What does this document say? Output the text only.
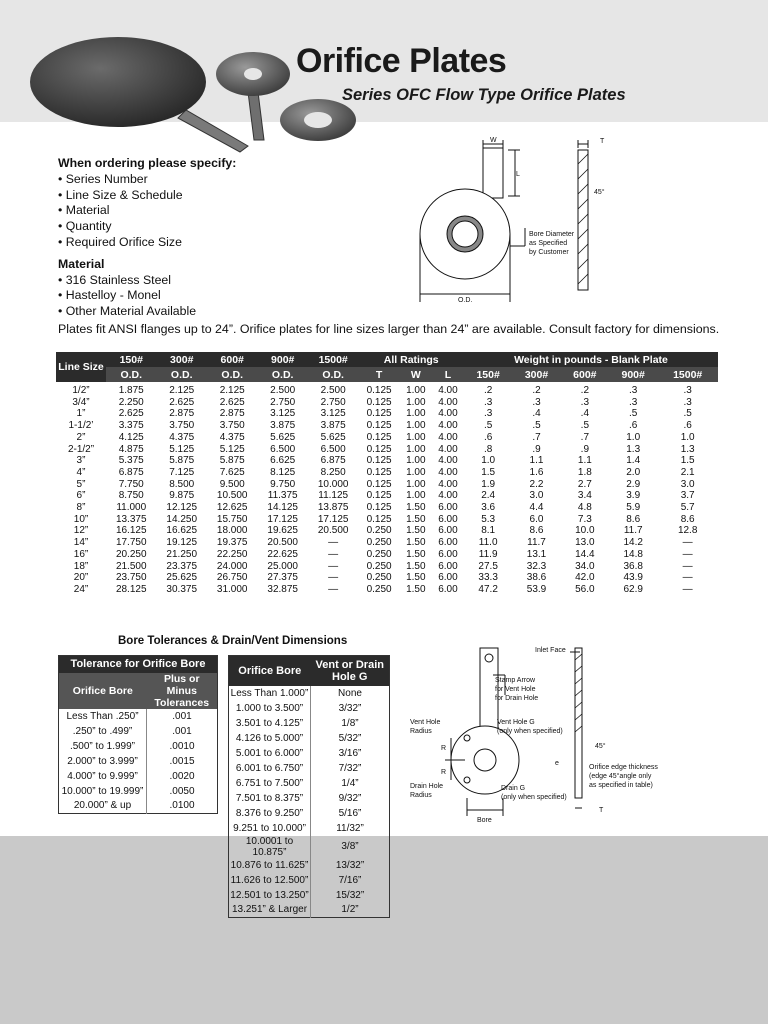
Orifice Plates
Series OFC Flow Type Orifice Plates
When ordering please specify:
• Series Number
• Line Size & Schedule
• Material
• Quantity
• Required Orifice Size
Material
• 316 Stainless Steel
• Hastelloy - Monel
• Other Material Available
W	T
L
45°
Bore Diameter
as Specified
by Customer
O.D.
Plates fit ANSI flanges up to 24”. Orifice plates for line sizes larger than 24” are available. Consult factory for dimensions.
Line Size	150#	300#	600#	900#	1500#	All Ratings			Weight in pounds - Blank Plate				
	O.D.	O.D.	O.D.	O.D.	O.D.	T	W	L	150#	300#	600#	900#	1500#
1/2”	1.875	2.125	2.125	2.500	2.500	0.125	1.00	4.00	.2	.2	.2	.3	.3
3/4”	2.250	2.625	2.625	2.750	2.750	0.125	1.00	4.00	.3	.3	.3	.3	.3
1”	2.625	2.875	2.875	3.125	3.125	0.125	1.00	4.00	.3	.4	.4	.5	.5
1-1/2’	3.375	3.750	3.750	3.875	3.875	0.125	1.00	4.00	.5	.5	.5	.6	.6
2”	4.125	4.375	4.375	5.625	5.625	0.125	1.00	4.00	.6	.7	.7	1.0	1.0
2-1/2”	4.875	5.125	5.125	6.500	6.500	0.125	1.00	4.00	.8	.9	.9	1.3	1.3
3”	5.375	5.875	5.875	6.625	6.875	0.125	1.00	4.00	1.0	1.1	1.1	1.4	1.5
4”	6.875	7.125	7.625	8.125	8.250	0.125	1.00	4.00	1.5	1.6	1.8	2.0	2.1
5”	7.750	8.500	9.500	9.750	10.000	0.125	1.00	4.00	1.9	2.2	2.7	2.9	3.0
6”	8.750	9.875	10.500	11.375	11.125	0.125	1.00	4.00	2.4	3.0	3.4	3.9	3.7
8”	11.000	12.125	12.625	14.125	13.875	0.125	1.50	6.00	3.6	4.4	4.8	5.9	5.7
10”	13.375	14.250	15.750	17.125	17.125	0.125	1.50	6.00	5.3	6.0	7.3	8.6	8.6
12”	16.125	16.625	18.000	19.625	20.500	0.250	1.50	6.00	8.1	8.6	10.0	11.7	12.8
14”	17.750	19.125	19.375	20.500	—	0.250	1.50	6.00	11.0	11.7	13.0	14.2	—
16”	20.250	21.250	22.250	22.625	—	0.250	1.50	6.00	11.9	13.1	14.4	14.8	—
18”	21.500	23.375	24.000	25.000	—	0.250	1.50	6.00	27.5	32.3	34.0	36.8	—
20”	23.750	25.625	26.750	27.375	—	0.250	1.50	6.00	33.3	38.6	42.0	43.9	—
24”	28.125	30.375	31.000	32.875	—	0.250	1.50	6.00	47.2	53.9	56.0	62.9	—
Bore Tolerances & Drain/Vent Dimensions
Tolerance for Orifice Bore	
Orifice Bore	Plus or Minus Tolerances
Less Than .250”	.001
.250” to .499”	.001
.500” to 1.999”	.0010
2.000” to 3.999”	.0015
4.000” to 9.999”	.0020
10.000” to 19.999”	.0050
20.000” & up	.0100
Orifice Bore	Vent or Drain Hole G
Less Than 1.000”	None
1.000 to 3.500”	3/32”
3.501 to 4.125”	1/8”
4.126 to 5.000”	5/32”
5.001 to 6.000”	3/16”
6.001 to 6.750”	7/32”
6.751 to 7.500”	1/4”
7.501 to 8.375”	9/32”
8.376 to 9.250”	5/16”
9.251 to 10.000”	11/32”
10.0001 to 10.875”	3/8”
10.876 to 11.625”	13/32”
11.626 to 12.500”	7/16”
12.501 to 13.250”	15/32”
13.251” & Larger	1/2”
Inlet Face
Stamp Arrow
for Vent Hole
for Drain Hole
Vent Hole G
(only when specified)
Vent Hole
Radius
R
R
Drain Hole
Radius
Drain G
(only when specified)
Bore
45°
e
Orifice edge thickness
(edge 45°angle only
as specified in table)
T
